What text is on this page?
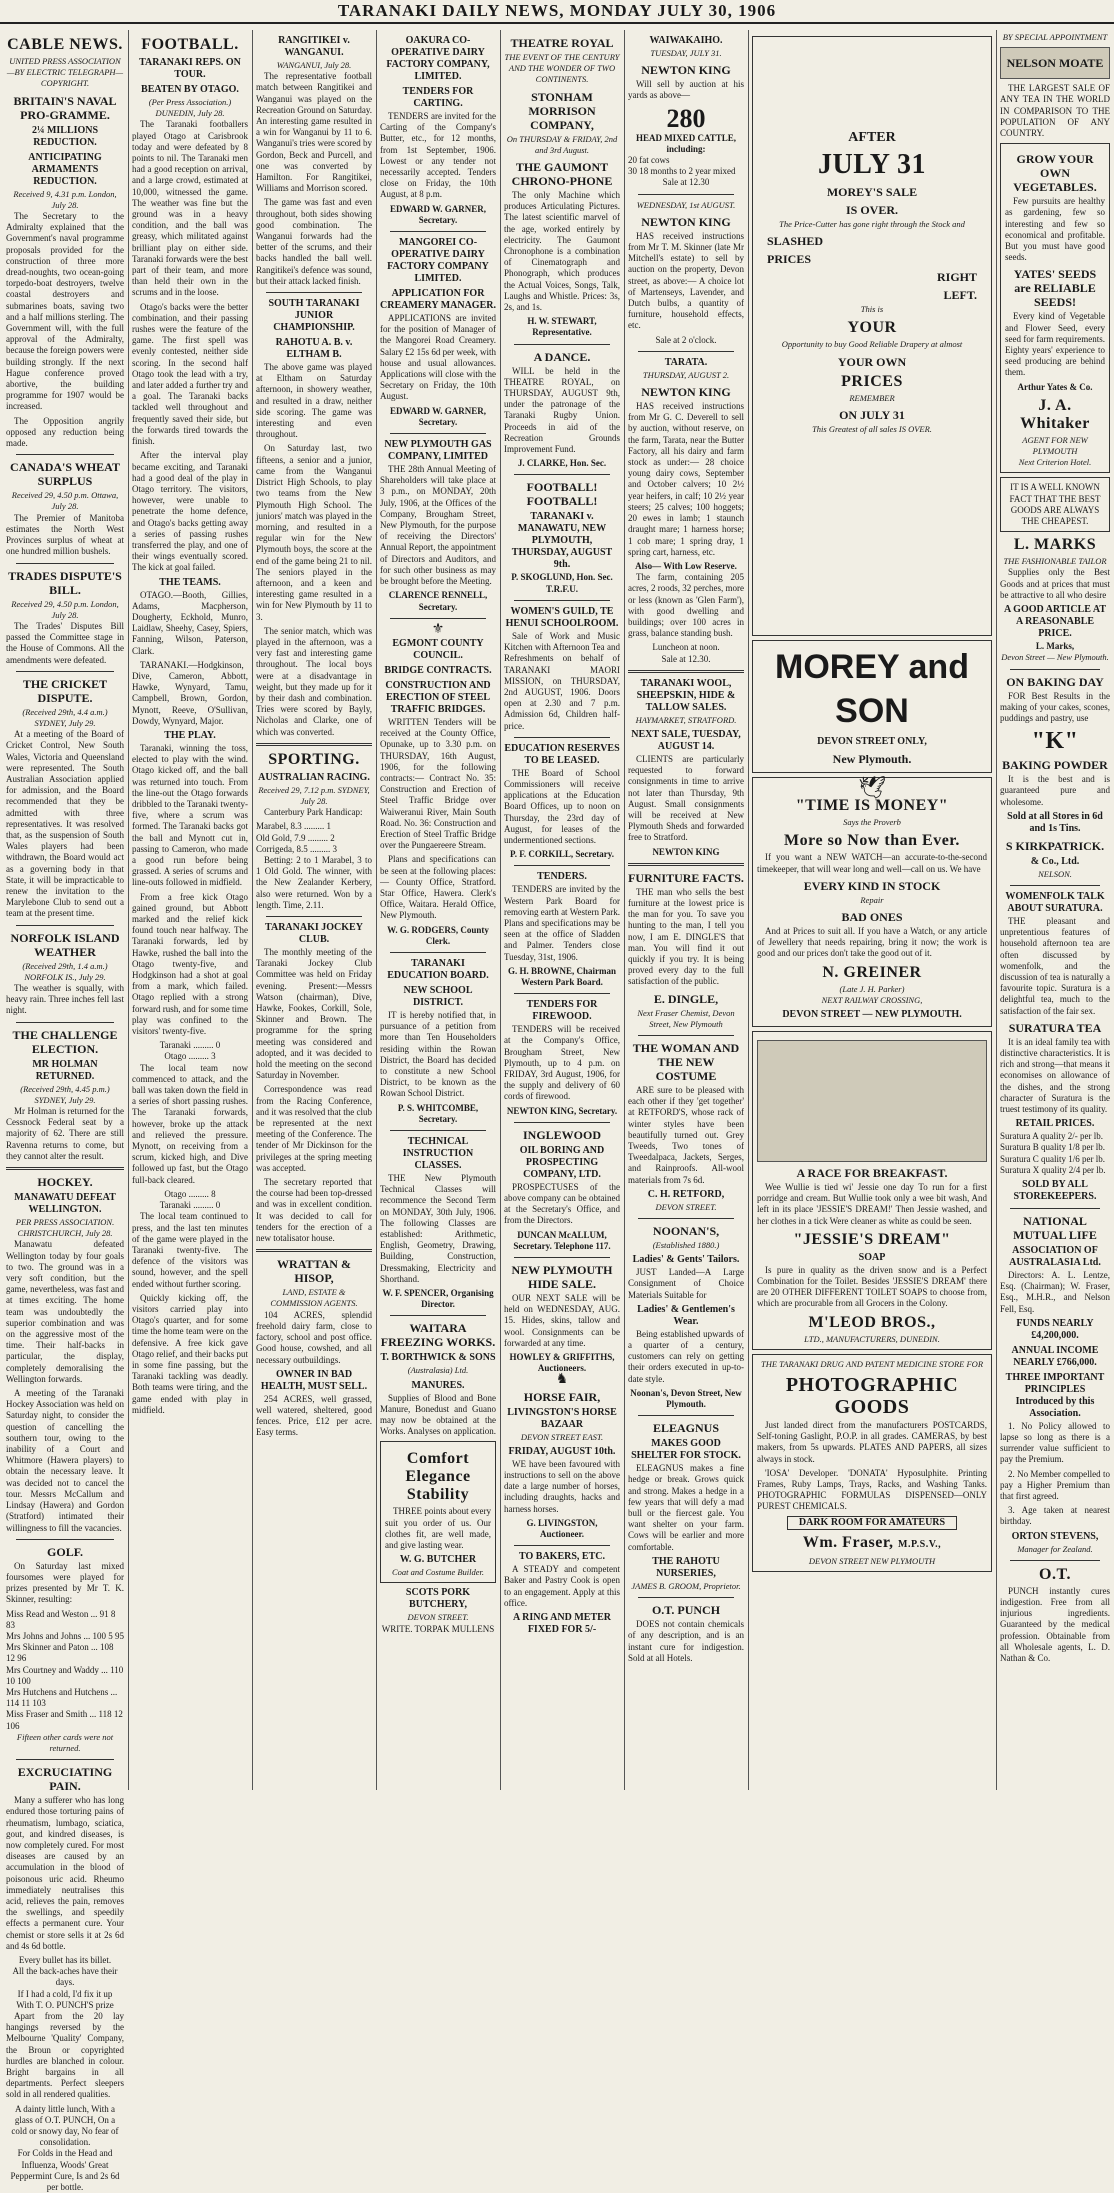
TARANAKI DAILY NEWS, MONDAY JULY 30, 1906
CABLE NEWS.
UNITED PRESS ASSOCIATION—BY ELECTRIC TELEGRAPH—COPYRIGHT.
BRITAIN'S NAVAL PRO-GRAMME.
2¼ MILLIONS REDUCTION.
ANTICIPATING ARMAMENTS REDUCTION.
Received 9, 4.31 p.m. London, July 28.

The Secretary to the Admiralty explained that the Government's naval programme proposals provided for the construction of three more dread-noughts, two ocean-going torpedo-boat destroyers, twelve coastal destroyers and submarines boats, saving two and a half millions sterling. The Government will, with the full approval of the Admiralty, because the foreign powers were building strongly. If the next Hague conference proved abortive, the building programme for 1907 would be increased.

The Opposition angrily opposed any reduction being made.

CANADA'S WHEAT SURPLUS
Received 29, 4.50 p.m. Ottawa, July 28.

The Premier of Manitoba estimates the North West Provinces surplus of wheat at one hundred million bushels.

TRADES DISPUTE'S BILL.
Received 29, 4.50 p.m. London, July 28.

The Trades' Disputes Bill passed the Committee stage in the House of Commons. All the amendments were defeated.

THE CRICKET DISPUTE.
(Received 29th, 4.4 a.m.) SYDNEY, July 29.

At a meeting of the Board of Cricket Control, New South Wales, Victoria and Queensland were represented. The South Australian Association applied for admission, and the Board recommended that they be admitted with three representatives. It was resolved that, as the suspension of South Wales players had been withdrawn, the Board would act as a governing body in that State, it will be impracticable to renew the invitation to the Marylebone Club to send out a team at the present time.

NORFOLK ISLAND WEATHER
(Received 29th, 1.4 a.m.) NORFOLK IS., July 29.

The weather is squally, with heavy rain. Three inches fell last night.

THE CHALLENGE ELECTION.
MR HOLMAN RETURNED.
(Received 29th, 4.45 p.m.) SYDNEY, July 29.

Mr Holman is returned for the Cessnock Federal seat by a majority of 62. There are still Ravenna returns to come, but they cannot alter the result.

HOCKEY.
MANAWATU DEFEAT WELLINGTON.
PER PRESS ASSOCIATION. CHRISTCHURCH, July 28.

Manawatu defeated Wellington today by four goals to two. The ground was in a very soft condition, but the game, nevertheless, was fast and at times exciting. The home team was undoubtedly the superior combination and was on the aggressive most of the time. Their half-backs in particular, the display, completely demoralising the Wellington forwards.

A meeting of the Taranaki Hockey Association was held on Saturday night, to consider the question of cancelling the southern tour, owing to the inability of a Court and Whitmore (Hawera players) to obtain the necessary leave. It was decided not to cancel the tour. Messrs McCallum and Lindsay (Hawera) and Gordon (Stratford) intimated their willingness to fill the vacancies.

GOLF.

On Saturday last mixed foursomes were played for prizes presented by Mr T. K. Skinner, resulting:

Miss Read and Weston ... 91 8 83
Mrs Johns and Johns ... 100 5 95
Mrs Skinner and Paton ... 108 12 96
Mrs Courtney and Waddy ... 110 10 100
Mrs Hutchens and Hutchens ... 114 11 103
Miss Fraser and Smith ... 118 12 106
Fifteen other cards were not returned.
EXCRUCIATING PAIN.

Many a sufferer who has long endured those torturing pains of rheumatism, lumbago, sciatica, gout, and kindred diseases, is now completely cured. For most diseases are caused by an accumulation in the blood of poisonous uric acid. Rheumo immediately neutralises this acid, relieves the pain, removes the swellings, and speedily effects a permanent cure. Your chemist or store sells it at 2s 6d and 4s 6d bottle.

Every bullet has its billet.
All the back-aches have their days.
If I had a cold, I'd fix it up
With T. O. PUNCH'S prize

Apart from the 20 lay hangings reversed by the Melbourne 'Quality' Company, the Broun or copyrighted hurdles are blanched in colour. Bright bargains in all departments. Perfect sleepers sold in all rendered qualities.

A dainty little lunch, With a glass of O.T. PUNCH, On a cold or snowy day, No fear of consolidation.
For Colds in the Head and Influenza, Woods' Great Peppermint Cure, Is and 2s 6d per bottle.
FOOTBALL.
TARANAKI REPS. ON TOUR.
BEATEN BY OTAGO.
(Per Press Association.)
DUNEDIN, July 28.

The Taranaki footballers played Otago at Carisbrook today and were defeated by 8 points to nil. The Taranaki men had a good reception on arrival, and a large crowd, estimated at 10,000, witnessed the game. The weather was fine but the ground was in a heavy condition, and the ball was greasy, which militated against brilliant play on either side. Taranaki forwards were the best part of their team, and more than held their own in the scrums and in the loose.

Otago's backs were the better combination, and their passing rushes were the feature of the game. The first spell was evenly contested, neither side scoring. In the second half Otago took the lead with a try, and later added a further try and a goal. The Taranaki backs tackled well throughout and frequently saved their side, but the forwards tired towards the finish.

After the interval play became exciting, and Taranaki had a good deal of the play in Otago territory. The visitors, however, were unable to penetrate the home defence, and Otago's backs getting away a series of passing rushes transferred the play, and one of their wings eventually scored. The kick at goal failed.

THE TEAMS.

OTAGO.—Booth, Gillies, Adams, Macpherson, Dougherty, Eckhold, Munro, Laidlaw, Sheehy, Casey, Spiers, Fanning, Wilson, Paterson, Clark.

TARANAKI.—Hodgkinson, Dive, Cameron, Abbott, Hawke, Wynyard, Tamu, Campbell, Brown, Gordon, Mynott, Reeve, O'Sullivan, Dowdy, Wynyard, Major.

THE PLAY.

Taranaki, winning the toss, elected to play with the wind. Otago kicked off, and the ball was returned into touch. From the line-out the Otago forwards dribbled to the Taranaki twenty-five, where a scrum was formed. The Taranaki backs got the ball and Mynott cut in, passing to Cameron, who made a good run before being grassed. A series of scrums and line-outs followed in midfield.

From a free kick Otago gained ground, but Abbott marked and the relief kick found touch near halfway. The Taranaki forwards, led by Hawke, rushed the ball into the Otago twenty-five, and Hodgkinson had a shot at goal from a mark, which failed. Otago replied with a strong forward rush, and for some time play was confined to the visitors' twenty-five.

Taranaki ......... 0
Otago ......... 3

The local team now commenced to attack, and the ball was taken down the field in a series of short passing rushes. The Taranaki forwards, however, broke up the attack and relieved the pressure. Mynott, on receiving from a scrum, kicked high, and Dive followed up fast, but the Otago full-back cleared.

Otago ......... 8
Taranaki ......... 0

The local team continued to press, and the last ten minutes of the game were played in the Taranaki twenty-five. The defence of the visitors was sound, however, and the spell ended without further scoring.

Quickly kicking off, the visitors carried play into Otago's quarter, and for some time the home team were on the defensive. A free kick gave Otago relief, and their backs put in some fine passing, but the Taranaki tackling was deadly. Both teams were tiring, and the game ended with play in midfield.

RANGITIKEI v. WANGANUI.
WANGANUI, July 28.

The representative football match between Rangitikei and Wanganui was played on the Recreation Ground on Saturday. An interesting game resulted in a win for Wanganui by 11 to 6. Wanganui's tries were scored by Gordon, Beck and Purcell, and one was converted by Hamilton. For Rangitikei, Williams and Morrison scored.

The game was fast and even throughout, both sides showing good combination. The Wanganui forwards had the better of the scrums, and their backs handled the ball well. Rangitikei's defence was sound, but their attack lacked finish.

SOUTH TARANAKI JUNIOR CHAMPIONSHIP.
RAHOTU A. B. v. ELTHAM B.

The above game was played at Eltham on Saturday afternoon, in showery weather, and resulted in a draw, neither side scoring. The game was interesting and even throughout.

On Saturday last, two fifteens, a senior and a junior, came from the Wanganui District High Schools, to play two teams from the New Plymouth High School. The juniors' match was played in the morning, and resulted in a regular win for the New Plymouth boys, the score at the end of the game being 21 to nil. The seniors played in the afternoon, and a keen and interesting game resulted in a win for New Plymouth by 11 to 3.

The senior match, which was played in the afternoon, was a very fast and interesting game throughout. The local boys were at a disadvantage in weight, but they made up for it by their dash and combination. Tries were scored by Bayly, Nicholas and Clarke, one of which was converted.

SPORTING.
AUSTRALIAN RACING.
Received 29, 7.12 p.m. SYDNEY, July 28.

Canterbury Park Handicap:

Marabel, 8.3 ......... 1
Old Gold, 7.9 ......... 2
Corrigeda, 8.5 ......... 3

Betting: 2 to 1 Marabel, 3 to 1 Old Gold. The winner, with the New Zealander Kerbery, also were returned. Won by a length. Time, 2.11.

TARANAKI JOCKEY CLUB.

The monthly meeting of the Taranaki Jockey Club Committee was held on Friday evening. Present:—Messrs Watson (chairman), Dive, Hawke, Fookes, Corkill, Sole, Skinner and Brown. The programme for the spring meeting was considered and adopted, and it was decided to hold the meeting on the second Saturday in November.

Correspondence was read from the Racing Conference, and it was resolved that the club be represented at the next meeting of the Conference. The tender of Mr Dickinson for the privileges at the spring meeting was accepted.

The secretary reported that the course had been top-dressed and was in excellent condition. It was decided to call for tenders for the erection of a new totalisator house.

WRATTAN & HISOP,
LAND, ESTATE & COMMISSION AGENTS.

104 ACRES, splendid freehold dairy farm, close to factory, school and post office. Good house, cowshed, and all necessary outbuildings.

OWNER IN BAD HEALTH, MUST SELL.

254 ACRES, well grassed, well watered, sheltered, good fences. Price, £12 per acre. Easy terms.

OAKURA CO-OPERATIVE DAIRY FACTORY COMPANY, LIMITED.
TENDERS FOR CARTING.

TENDERS are invited for the Carting of the Company's Butter, etc., for 12 months, from 1st September, 1906. Lowest or any tender not necessarily accepted. Tenders close on Friday, the 10th August, at 8 p.m.

EDWARD W. GARNER, Secretary.
MANGOREI CO-OPERATIVE DAIRY FACTORY COMPANY LIMITED.
APPLICATION FOR CREAMERY MANAGER.

APPLICATIONS are invited for the position of Manager of the Mangorei Road Creamery. Salary £2 15s 6d per week, with house and usual allowances. Applications will close with the Secretary on Friday, the 10th August.

EDWARD W. GARNER, Secretary.
NEW PLYMOUTH GAS COMPANY, LIMITED

THE 28th Annual Meeting of Shareholders will take place at 3 p.m., on MONDAY, 20th July, 1906, at the Offices of the Company, Brougham Street, New Plymouth, for the purpose of receiving the Directors' Annual Report, the appointment of Directors and Auditors, and for such other business as may be brought before the Meeting.

CLARENCE RENNELL, Secretary.
⚜
EGMONT COUNTY COUNCIL.
BRIDGE CONTRACTS.
CONSTRUCTION AND ERECTION OF STEEL TRAFFIC BRIDGES.

WRITTEN Tenders will be received at the County Office, Opunake, up to 3.30 p.m. on THURSDAY, 16th August, 1906, for the following contracts:— Contract No. 35: Construction and Erection of Steel Traffic Bridge over Waiweranui River, Main South Road. No. 36: Construction and Erection of Steel Traffic Bridge over the Pungaereere Stream.

Plans and specifications can be seen at the following places:— County Office, Stratford. Star Office, Hawera. Clerk's Office, Waitara. Herald Office, New Plymouth.

W. G. RODGERS, County Clerk.
TARANAKI EDUCATION BOARD.
NEW SCHOOL DISTRICT.

IT is hereby notified that, in pursuance of a petition from more than Ten Householders residing within the Rowan District, the Board has decided to constitute a new School District, to be known as the Rowan School District.

P. S. WHITCOMBE, Secretary.
TECHNICAL INSTRUCTION CLASSES.

THE New Plymouth Technical Classes will recommence the Second Term on MONDAY, 30th July, 1906. The following Classes are established: Arithmetic, English, Geometry, Drawing, Building, Construction, Dressmaking, Electricity and Shorthand.

W. F. SPENCER, Organising Director.
WAITARA FREEZING WORKS.
T. BORTHWICK & SONS
(Australasia) Ltd.
MANURES.

Supplies of Blood and Bone Manure, Bonedust and Guano may now be obtained at the Works. Analyses on application.

Comfort Elegance Stability

THREE points about every suit you order of us. Our clothes fit, are well made, and give lasting wear.

W. G. BUTCHER
Coat and Costume Builder.
SCOTS PORK BUTCHERY,
DEVON STREET.
WRITE. TORPAK MULLENS
THEATRE ROYAL
THE EVENT OF THE CENTURY AND THE WONDER OF TWO CONTINENTS.
STONHAM MORRISON COMPANY,
On THURSDAY & FRIDAY, 2nd and 3rd August.
THE GAUMONT CHRONO-PHONE

The only Machine which produces Articulating Pictures. The latest scientific marvel of the age, worked entirely by electricity. The Gaumont Chronophone is a combination of Cinematograph and Phonograph, which produces the Actual Voices, Songs, Talk, Laughs and Whistle. Prices: 3s, 2s, and 1s.

H. W. STEWART, Representative.
A DANCE.

WILL be held in the THEATRE ROYAL, on THURSDAY, AUGUST 9th, under the patronage of the Taranaki Rugby Union. Proceeds in aid of the Recreation Grounds Improvement Fund.

J. CLARKE, Hon. Sec.
FOOTBALL! FOOTBALL!
TARANAKI v. MANAWATU, NEW PLYMOUTH, THURSDAY, AUGUST 9th.
P. SKOGLUND, Hon. Sec. T.R.F.U.
WOMEN'S GUILD, TE HENUI SCHOOLROOM.

Sale of Work and Music Kitchen with Afternoon Tea and Refreshments on behalf of TARANAKI MAORI MISSION, on THURSDAY, 2nd AUGUST, 1906. Doors open at 2.30 and 7 p.m. Admission 6d, Children half-price.

EDUCATION RESERVES TO BE LEASED.

THE Board of School Commissioners will receive applications at the Education Board Offices, up to noon on Thursday, the 23rd day of August, for leases of the undermentioned sections.

P. F. CORKILL, Secretary.
TENDERS.

TENDERS are invited by the Western Park Board for removing earth at Western Park. Plans and specifications may be seen at the office of Sladden and Palmer. Tenders close Tuesday, 31st, 1906.

G. H. BROWNE, Chairman Western Park Board.
TENDERS FOR FIREWOOD.

TENDERS will be received at the Company's Office, Brougham Street, New Plymouth, up to 4 p.m. on FRIDAY, 3rd August, 1906, for the supply and delivery of 60 cords of firewood.

NEWTON KING, Secretary.
INGLEWOOD
OIL BORING AND PROSPECTING COMPANY, LTD.

PROSPECTUSES of the above company can be obtained at the Secretary's Office, and from the Directors.

DUNCAN McALLUM, Secretary. Telephone 117.
NEW PLYMOUTH HIDE SALE.

OUR NEXT SALE will be held on WEDNESDAY, AUG. 15. Hides, skins, tallow and wool. Consignments can be forwarded at any time.

HOWLEY & GRIFFITHS, Auctioneers.
♞
HORSE FAIR,
LIVINGSTON'S HORSE BAZAAR
DEVON STREET EAST.
FRIDAY, AUGUST 10th.

WE have been favoured with instructions to sell on the above date a large number of horses, including draughts, hacks and harness horses.

G. LIVINGSTON, Auctioneer.
TO BAKERS, ETC.

A STEADY and competent Baker and Pastry Cook is open to an engagement. Apply at this office.

A RING AND METER FIXED FOR 5/-
WAIWAKAIHO.
TUESDAY, JULY 31.
NEWTON KING

Will sell by auction at his yards as above—

280
HEAD MIXED CATTLE, including:
20 fat cows
30 18 months to 2 year mixed
Sale at 12.30
WEDNESDAY, 1st AUGUST.
NEWTON KING

HAS received instructions from Mr T. M. Skinner (late Mr Mitchell's estate) to sell by auction on the property, Devon street, as above:— A choice lot of Martenseys, Lavender, and Dutch bulbs, a quantity of furniture, household effects, etc.

Sale at 2 o'clock.
TARATA.
THURSDAY, AUGUST 2.
NEWTON KING

HAS received instructions from Mr G. C. Deverell to sell by auction, without reserve, on the farm, Tarata, near the Butter Factory, all his dairy and farm stock as under:— 28 choice young dairy cows, September and October calvers; 10 2½ year heifers, in calf; 10 2½ year steers; 25 calves; 100 hoggets; 20 ewes in lamb; 1 staunch draught mare; 1 harness horse; 1 cob mare; 1 spring dray, 1 spring cart, harness, etc.

Also— With Low Reserve.

The farm, containing 205 acres, 2 roods, 32 perches, more or less (known as 'Glen Farm'), with good dwelling and buildings; over 100 acres in grass, balance standing bush.

Luncheon at noon.
Sale at 12.30.
TARANAKI WOOL, SHEEPSKIN, HIDE & TALLOW SALES.
HAYMARKET, STRATFORD.
NEXT SALE, TUESDAY, AUGUST 14.

CLIENTS are particularly requested to forward consignments in time to arrive not later than Thursday, 9th August. Small consignments will be received at New Plymouth Sheds and forwarded free to Stratford.

NEWTON KING
FURNITURE FACTS.

THE man who sells the best furniture at the lowest price is the man for you. To save you hunting to the man, I tell you now, I am E. DINGLE'S that man. You will find it out quickly if you try. It is being proved every day to the full satisfaction of the public.

E. DINGLE,
Next Fraser Chemist, Devon Street, New Plymouth
THE WOMAN AND THE NEW COSTUME

ARE sure to be pleased with each other if they 'get together' at RETFORD'S, whose rack of winter styles have been beautifully turned out. Grey Tweeds, Two tones of Tweedalpaca, Jackets, Serges, and Rainproofs. All-wool materials from 7s 6d.

C. H. RETFORD,
DEVON STREET.
NOONAN'S,
(Established 1880.)
Ladies' & Gents' Tailors.

JUST Landed—A Large Consignment of Choice Materials Suitable for

Ladies' & Gentlemen's Wear.

Being established upwards of a quarter of a century, customers can rely on getting their orders executed in up-to-date style.

Noonan's, Devon Street, New Plymouth.
ELEAGNUS
MAKES GOOD SHELTER FOR STOCK.

ELEAGNUS makes a fine hedge or break. Grows quick and strong. Makes a hedge in a few years that will defy a mad bull or the fiercest gale. You want shelter on your farm. Cows will be earlier and more comfortable.

THE RAHOTU NURSERIES,
JAMES B. GROOM, Proprietor.
O.T. PUNCH

DOES not contain chemicals of any description, and is an instant cure for indigestion. Sold at all Hotels.

AFTER
JULY 31
MOREY'S SALE
IS OVER.
The Price-Cutter has gone right through the Stock and
SLASHED
PRICES
RIGHT
LEFT.
This is
YOUR
Opportunity to buy Good Reliable Drapery at almost
YOUR OWN
PRICES
REMEMBER
ON JULY 31
This Greatest of all sales IS OVER.
MOREY and SON
DEVON STREET ONLY,
New Plymouth.
🕊
"TIME IS MONEY"
Says the Proverb
More so Now than Ever.

If you want a NEW WATCH—an accurate-to-the-second timekeeper, that will wear long and well—call on us. We have

EVERY KIND IN STOCK
Repair
BAD ONES

And at Prices to suit all. If you have a Watch, or any article of Jewellery that needs repairing, bring it now; the work is good and our prices don't take the good out of it.

N. GREINER
(Late J. H. Parker)
NEXT RAILWAY CROSSING,
DEVON STREET — NEW PLYMOUTH.
A RACE FOR BREAKFAST.

Wee Wullie is tied wi' Jessie one day To run for a first porridge and cream. But Wullie took only a wee bit wash, And left in its place 'JESSIE'S DREAM!' Then Jessie washed, and her clothes in a tick Were cleaner as white as could be seen.

"JESSIE'S DREAM"
SOAP

Is pure in quality as the driven snow and is a Perfect Combination for the Toilet. Besides 'JESSIE'S DREAM' there are 20 OTHER DIFFERENT TOILET SOAPS to choose from, which are procurable from all Grocers in the Colony.

M'LEOD BROS.,
LTD., MANUFACTURERS, DUNEDIN.
THE TARANAKI DRUG AND PATENT MEDICINE STORE FOR
PHOTOGRAPHIC GOODS

Just landed direct from the manufacturers POSTCARDS, Self-toning Gaslight, P.O.P. in all grades. CAMERAS, by best makers, from 5s upwards. PLATES AND PAPERS, all sizes always in stock.

'IOSA' Developer. 'DONATA' Hyposulphite. Printing Frames, Ruby Lamps, Trays, Racks, and Washing Tanks. PHOTOGRAPHIC FORMULAS DISPENSED—ONLY PUREST CHEMICALS.

DARK ROOM FOR AMATEURS
Wm. Fraser, M.P.S.V.,
DEVON STREET NEW PLYMOUTH
BY SPECIAL APPOINTMENT
NELSON MOATE

THE LARGEST SALE OF ANY TEA IN THE WORLD IN COMPARISON TO THE POPULATION OF ANY COUNTRY.

GROW YOUR OWN VEGETABLES.

Few pursuits are healthy as gardening, few so interesting and few so economical and profitable. But you must have good seeds.

YATES' SEEDS are RELIABLE SEEDS!

Every kind of Vegetable and Flower Seed, every seed for farm requirements. Eighty years' experience to seed producing are behind them.

Arthur Yates & Co.
J. A. Whitaker
AGENT FOR NEW PLYMOUTH
Next Criterion Hotel.
IT IS A WELL KNOWN FACT THAT THE BEST GOODS ARE ALWAYS THE CHEAPEST.
L. MARKS
THE FASHIONABLE TAILOR

Supplies only the Best Goods and at prices that must be attractive to all who desire

A GOOD ARTICLE AT A REASONABLE PRICE.
L. Marks,
Devon Street — New Plymouth.
ON BAKING DAY

FOR Best Results in the making of your cakes, scones, puddings and pastry, use

"K"
BAKING POWDER

It is the best and is guaranteed pure and wholesome.

Sold at all Stores in 6d and 1s Tins.
S KIRKPATRICK.
& Co., Ltd.
NELSON.
WOMENFOLK TALK ABOUT SURATURA.

THE pleasant and unpretentious features of household afternoon tea are often discussed by womenfolk, and the discussion of tea is naturally a favourite topic. Suratura is a delightful tea, much to the satisfaction of the fair sex.

SURATURA TEA

It is an ideal family tea with distinctive characteristics. It is rich and strong—that means it economises on allowance of the dishes, and the strong character of Suratura is the truest testimony of its quality.

RETAIL PRICES.
Suratura A quality 2/- per lb.
Suratura B quality 1/8 per lb.
Suratura C quality 1/6 per lb.
Suratura X quality 2/4 per lb.
SOLD BY ALL STOREKEEPERS.
NATIONAL MUTUAL LIFE
ASSOCIATION OF AUSTRALASIA Ltd.

Directors: A. L. Lentze, Esq. (Chairman); W. Fraser, Esq., M.H.R., and Nelson Fell, Esq.

FUNDS NEARLY £4,200,000.
ANNUAL INCOME NEARLY £766,000.
THREE IMPORTANT PRINCIPLES Introduced by this Association.

1. No Policy allowed to lapse so long as there is a surrender value sufficient to pay the Premium.

2. No Member compelled to pay a Higher Premium than that first agreed.

3. Age taken at nearest birthday.

ORTON STEVENS,
Manager for Zealand.
O.T.

PUNCH instantly cures indigestion. Free from all injurious ingredients. Guaranteed by the medical profession. Obtainable from all Wholesale agents, L. D. Nathan & Co.
